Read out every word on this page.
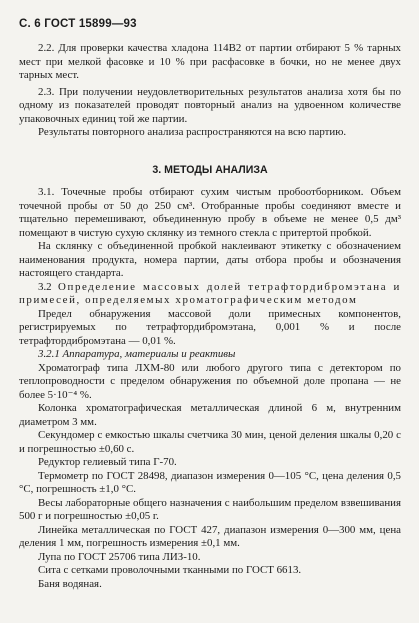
С. 6 ГОСТ 15899—93

2.2. Для проверки качества хладона 114В2 от партии отбирают 5 % тарных мест при мелкой фасовке и 10 % при расфасовке в бочки, но не менее двух тарных мест.

2.3. При получении неудовлетворительных результатов анализа хотя бы по одному из показателей проводят повторный анализ на удвоенном количестве упаковочных единиц той же партии.

Результаты повторного анализа распространяются на всю партию.

3. МЕТОДЫ АНАЛИЗА

3.1. Точечные пробы отбирают сухим чистым пробоотборником. Объем точечной пробы от 50 до 250 см³. Отобранные пробы соединяют вместе и тщательно перемешивают, объединенную пробу в объеме не менее 0,5 дм³ помещают в чистую сухую склянку из темного стекла с притертой пробкой.

На склянку с объединенной пробкой наклеивают этикетку с обозначением наименования продукта, номера партии, даты отбора пробы и обозначения настоящего стандарта.

3.2 Определение массовых долей тетрафтордибромэтана и примесей, определяемых хроматографическим методом

Предел обнаружения массовой доли примесных компонентов, регистрируемых по тетрафтордибромэтана, 0,001 % и после тетрафтордибромэтана — 0,01 %.

3.2.1 Аппаратура, материалы и реактивы

Хроматограф типа ЛХМ-80 или любого другого типа с детектором по теплопроводности с пределом обнаружения по объемной доле пропана — не более 5·10⁻⁴ %.

Колонка хроматографическая металлическая длиной 6 м, внутренним диаметром 3 мм.

Секундомер с емкостью шкалы счетчика 30 мин, ценой деления шкалы 0,20 с и погрешностью ±0,60 с.

Редуктор гелиевый типа Г-70.

Термометр по ГОСТ 28498, диапазон измерения 0—105 °С, цена деления 0,5 °С, погрешность ±1,0 °С.

Весы лабораторные общего назначения с наибольшим пределом взвешивания 500 г и погрешностью ±0,05 г.

Линейка металлическая по ГОСТ 427, диапазон измерения 0—300 мм, цена деления 1 мм, погрешность измерения ±0,1 мм.

Лупа по ГОСТ 25706 типа ЛИЗ-10.

Сита с сетками проволочными тканными по ГОСТ 6613.

Баня водяная.
